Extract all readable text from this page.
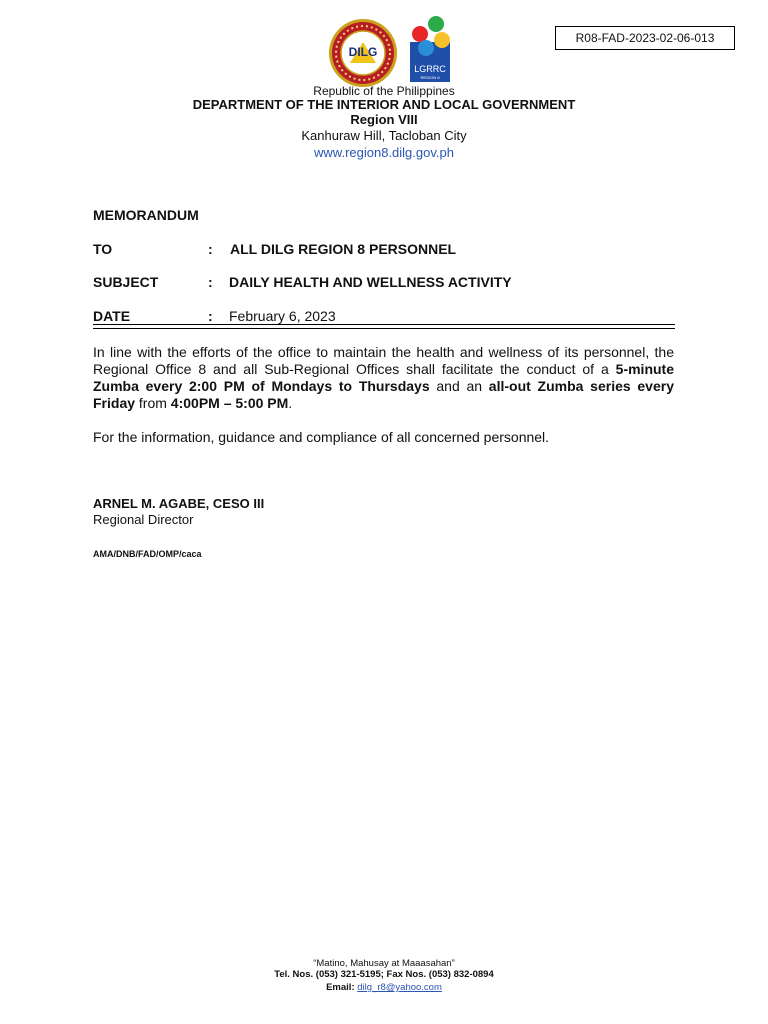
R08-FAD-2023-02-06-013
DILG
LGRRC
REGION 8
Republic of the Philippines
DEPARTMENT OF THE INTERIOR AND LOCAL GOVERNMENT
Region VIII
Kanhuraw Hill, Tacloban City
www.region8.dilg.gov.ph
MEMORANDUM
TO	: ALL DILG REGION 8 PERSONNEL
SUBJECT	: DAILY HEALTH AND WELLNESS ACTIVITY
DATE	: February 6, 2023
In line with the efforts of the office to maintain the health and wellness of its personnel, the Regional Office 8 and all Sub-Regional Offices shall facilitate the conduct of a 5-minute Zumba every 2:00 PM of Mondays to Thursdays and an all-out Zumba series every Friday from 4:00PM – 5:00 PM.
For the information, guidance and compliance of all concerned personnel.
ARNEL M. AGABE, CESO III
Regional Director
AMA/DNB/FAD/OMP/caca
“Matino, Mahusay at Maaasahan”
Tel. Nos. (053) 321-5195; Fax Nos. (053) 832-0894
Email: dilg_r8@yahoo.com
